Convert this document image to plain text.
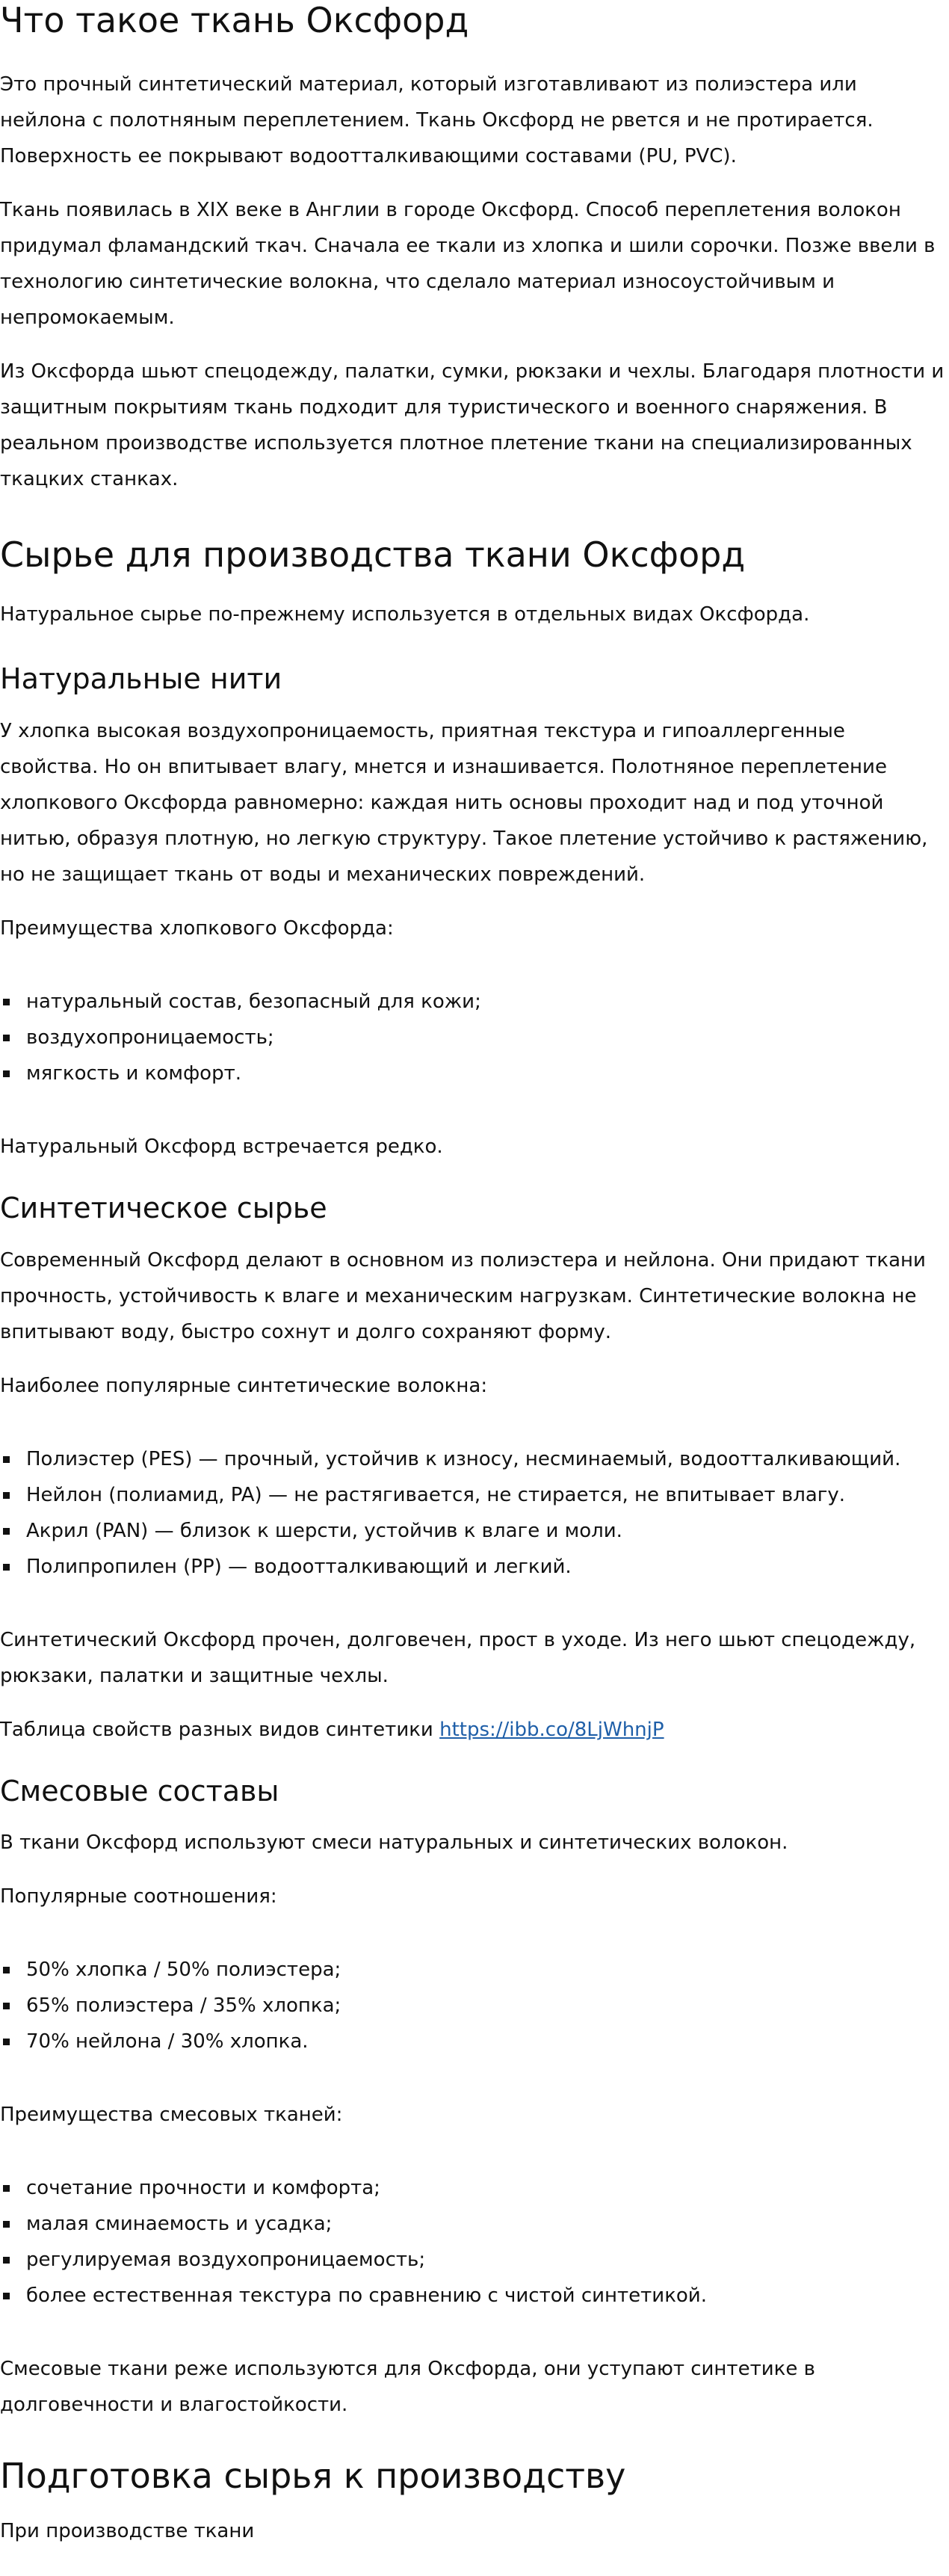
Что такое ткань Оксфорд

Это прочный синтетический материал, который изготавливают из полиэстера или нейлона с полотняным переплетением. Ткань Оксфорд не рвется и не протирается. Поверхность ее покрывают водоотталкивающими составами (PU, PVC).

Ткань появилась в XIX веке в Англии в городе Оксфорд. Способ переплетения волокон придумал фламандский ткач. Сначала ее ткали из хлопка и шили сорочки. Позже ввели в технологию синтетические волокна, что сделало материал износоустойчивым и непромокаемым.

Из Оксфорда шьют спецодежду, палатки, сумки, рюкзаки и чехлы. Благодаря плотности и защитным покрытиям ткань подходит для туристического и военного снаряжения. В реальном производстве используется плотное плетение ткани на специализированных ткацких станках.

Сырье для производства ткани Оксфорд

Натуральное сырье по-прежнему используется в отдельных видах Оксфорда.

Натуральные нити

У хлопка высокая воздухопроницаемость, приятная текстура и гипоаллергенные свойства. Но он впитывает влагу, мнется и изнашивается. Полотняное переплетение хлопкового Оксфорда равномерно: каждая нить основы проходит над и под уточной нитью, образуя плотную, но легкую структуру. Такое плетение устойчиво к растяжению, но не защищает ткань от воды и механических повреждений.

Преимущества хлопкового Оксфорда:

натуральный состав, безопасный для кожи;
воздухопроницаемость;
мягкость и комфорт.

Натуральный Оксфорд встречается редко.

Синтетическое сырье

Современный Оксфорд делают в основном из полиэстера и нейлона. Они придают ткани прочность, устойчивость к влаге и механическим нагрузкам. Синтетические волокна не впитывают воду, быстро сохнут и долго сохраняют форму.

Наиболее популярные синтетические волокна:

Полиэстер (PES) — прочный, устойчив к износу, несминаемый, водоотталкивающий.
Нейлон (полиамид, PA) — не растягивается, не стирается, не впитывает влагу.
Акрил (PAN) — близок к шерсти, устойчив к влаге и моли.
Полипропилен (PP) — водоотталкивающий и легкий.

Синтетический Оксфорд прочен, долговечен, прост в уходе. Из него шьют спецодежду, рюкзаки, палатки и защитные чехлы.

Таблица свойств разных видов синтетики https://ibb.co/8LjWhnjP

Смесовые составы

В ткани Оксфорд используют смеси натуральных и синтетических волокон.

Популярные соотношения:

50% хлопка / 50% полиэстера;
65% полиэстера / 35% хлопка;
70% нейлона / 30% хлопка.

Преимущества смесовых тканей:

сочетание прочности и комфорта;
малая сминаемость и усадка;
регулируемая воздухопроницаемость;
более естественная текстура по сравнению с чистой синтетикой.

Смесовые ткани реже используются для Оксфорда, они уступают синтетике в долговечности и влагостойкости.

Подготовка сырья к производству

При производстве ткани
